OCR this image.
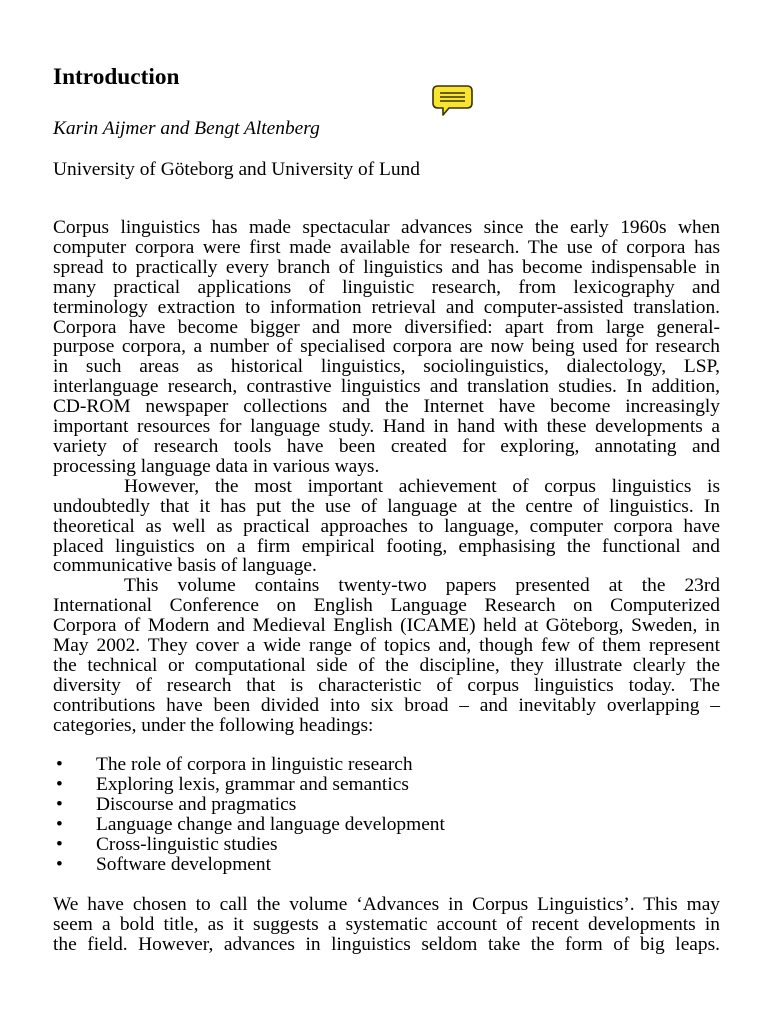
Introduction
Karin Aijmer and Bengt Altenberg
University of Göteborg and University of Lund
Corpus linguistics has made spectacular advances since the early 1960s when
computer corpora were first made available for research. The use of corpora has
spread to practically every branch of linguistics and has become indispensable in
many practical applications of linguistic research, from lexicography and
terminology extraction to information retrieval and computer-assisted translation.
Corpora have become bigger and more diversified: apart from large general-
purpose corpora, a number of specialised corpora are now being used for research
in such areas as historical linguistics, sociolinguistics, dialectology, LSP,
interlanguage research, contrastive linguistics and translation studies. In addition,
CD-ROM newspaper collections and the Internet have become increasingly
important resources for language study. Hand in hand with these developments a
variety of research tools have been created for exploring, annotating and
processing language data in various ways.
However, the most important achievement of corpus linguistics is
undoubtedly that it has put the use of language at the centre of linguistics. In
theoretical as well as practical approaches to language, computer corpora have
placed linguistics on a firm empirical footing, emphasising the functional and
communicative basis of language.
This volume contains twenty-two papers presented at the 23rd
International Conference on English Language Research on Computerized
Corpora of Modern and Medieval English (ICAME) held at Göteborg, Sweden, in
May 2002. They cover a wide range of topics and, though few of them represent
the technical or computational side of the discipline, they illustrate clearly the
diversity of research that is characteristic of corpus linguistics today. The
contributions have been divided into six broad – and inevitably overlapping –
categories, under the following headings:
•
The role of corpora in linguistic research
•
Exploring lexis, grammar and semantics
•
Discourse and pragmatics
•
Language change and language development
•
Cross-linguistic studies
•
Software development
We have chosen to call the volume ‘Advances in Corpus Linguistics’. This may
seem a bold title, as it suggests a systematic account of recent developments in
the field. However, advances in linguistics seldom take the form of big leaps.
